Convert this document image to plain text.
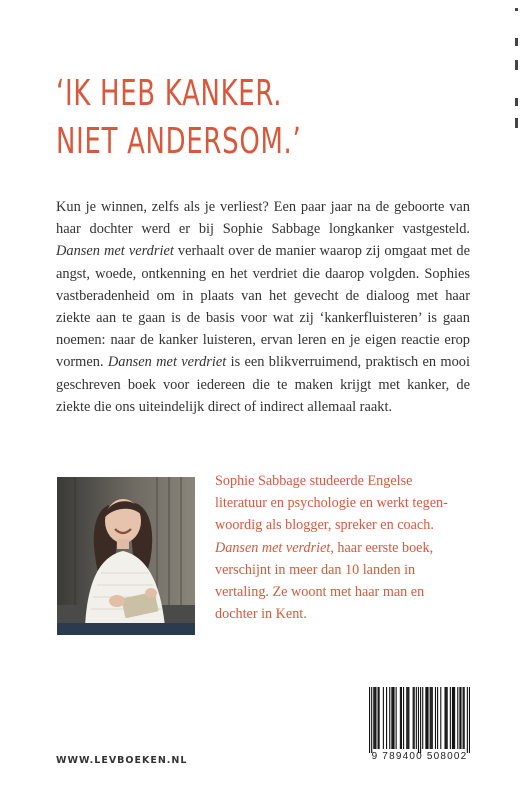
‘IK HEB KANKER.
NIET ANDERSOM.’

Kun je winnen, zelfs als je verliest? Een paar jaar na de geboorte van haar dochter werd er bij Sophie Sabbage longkanker vastgesteld. Dansen met verdriet verhaalt over de manier waarop zij omgaat met de angst, woede, ontkenning en het verdriet die daarop volgden. Sophies vastberadenheid om in plaats van het gevecht de dialoog met haar ziekte aan te gaan is de basis voor wat zij ‘kankerfluisteren’ is gaan noemen: naar de kanker luisteren, ervan leren en je eigen reactie erop vormen. Dansen met verdriet is een blikverruimend, praktisch en mooi geschreven boek voor iedereen die te maken krijgt met kanker, de ziekte die ons uiteindelijk direct of indirect allemaal raakt.

Sophie Sabbage studeerde Engelse literatuur en psychologie en werkt tegen-woordig als blogger, spreker en coach. Dansen met verdriet, haar eerste boek, verschijnt in meer dan 10 landen in vertaling. Ze woont met haar man en dochter in Kent.

WWW.LEVBOEKEN.NL	9 789400 508002
